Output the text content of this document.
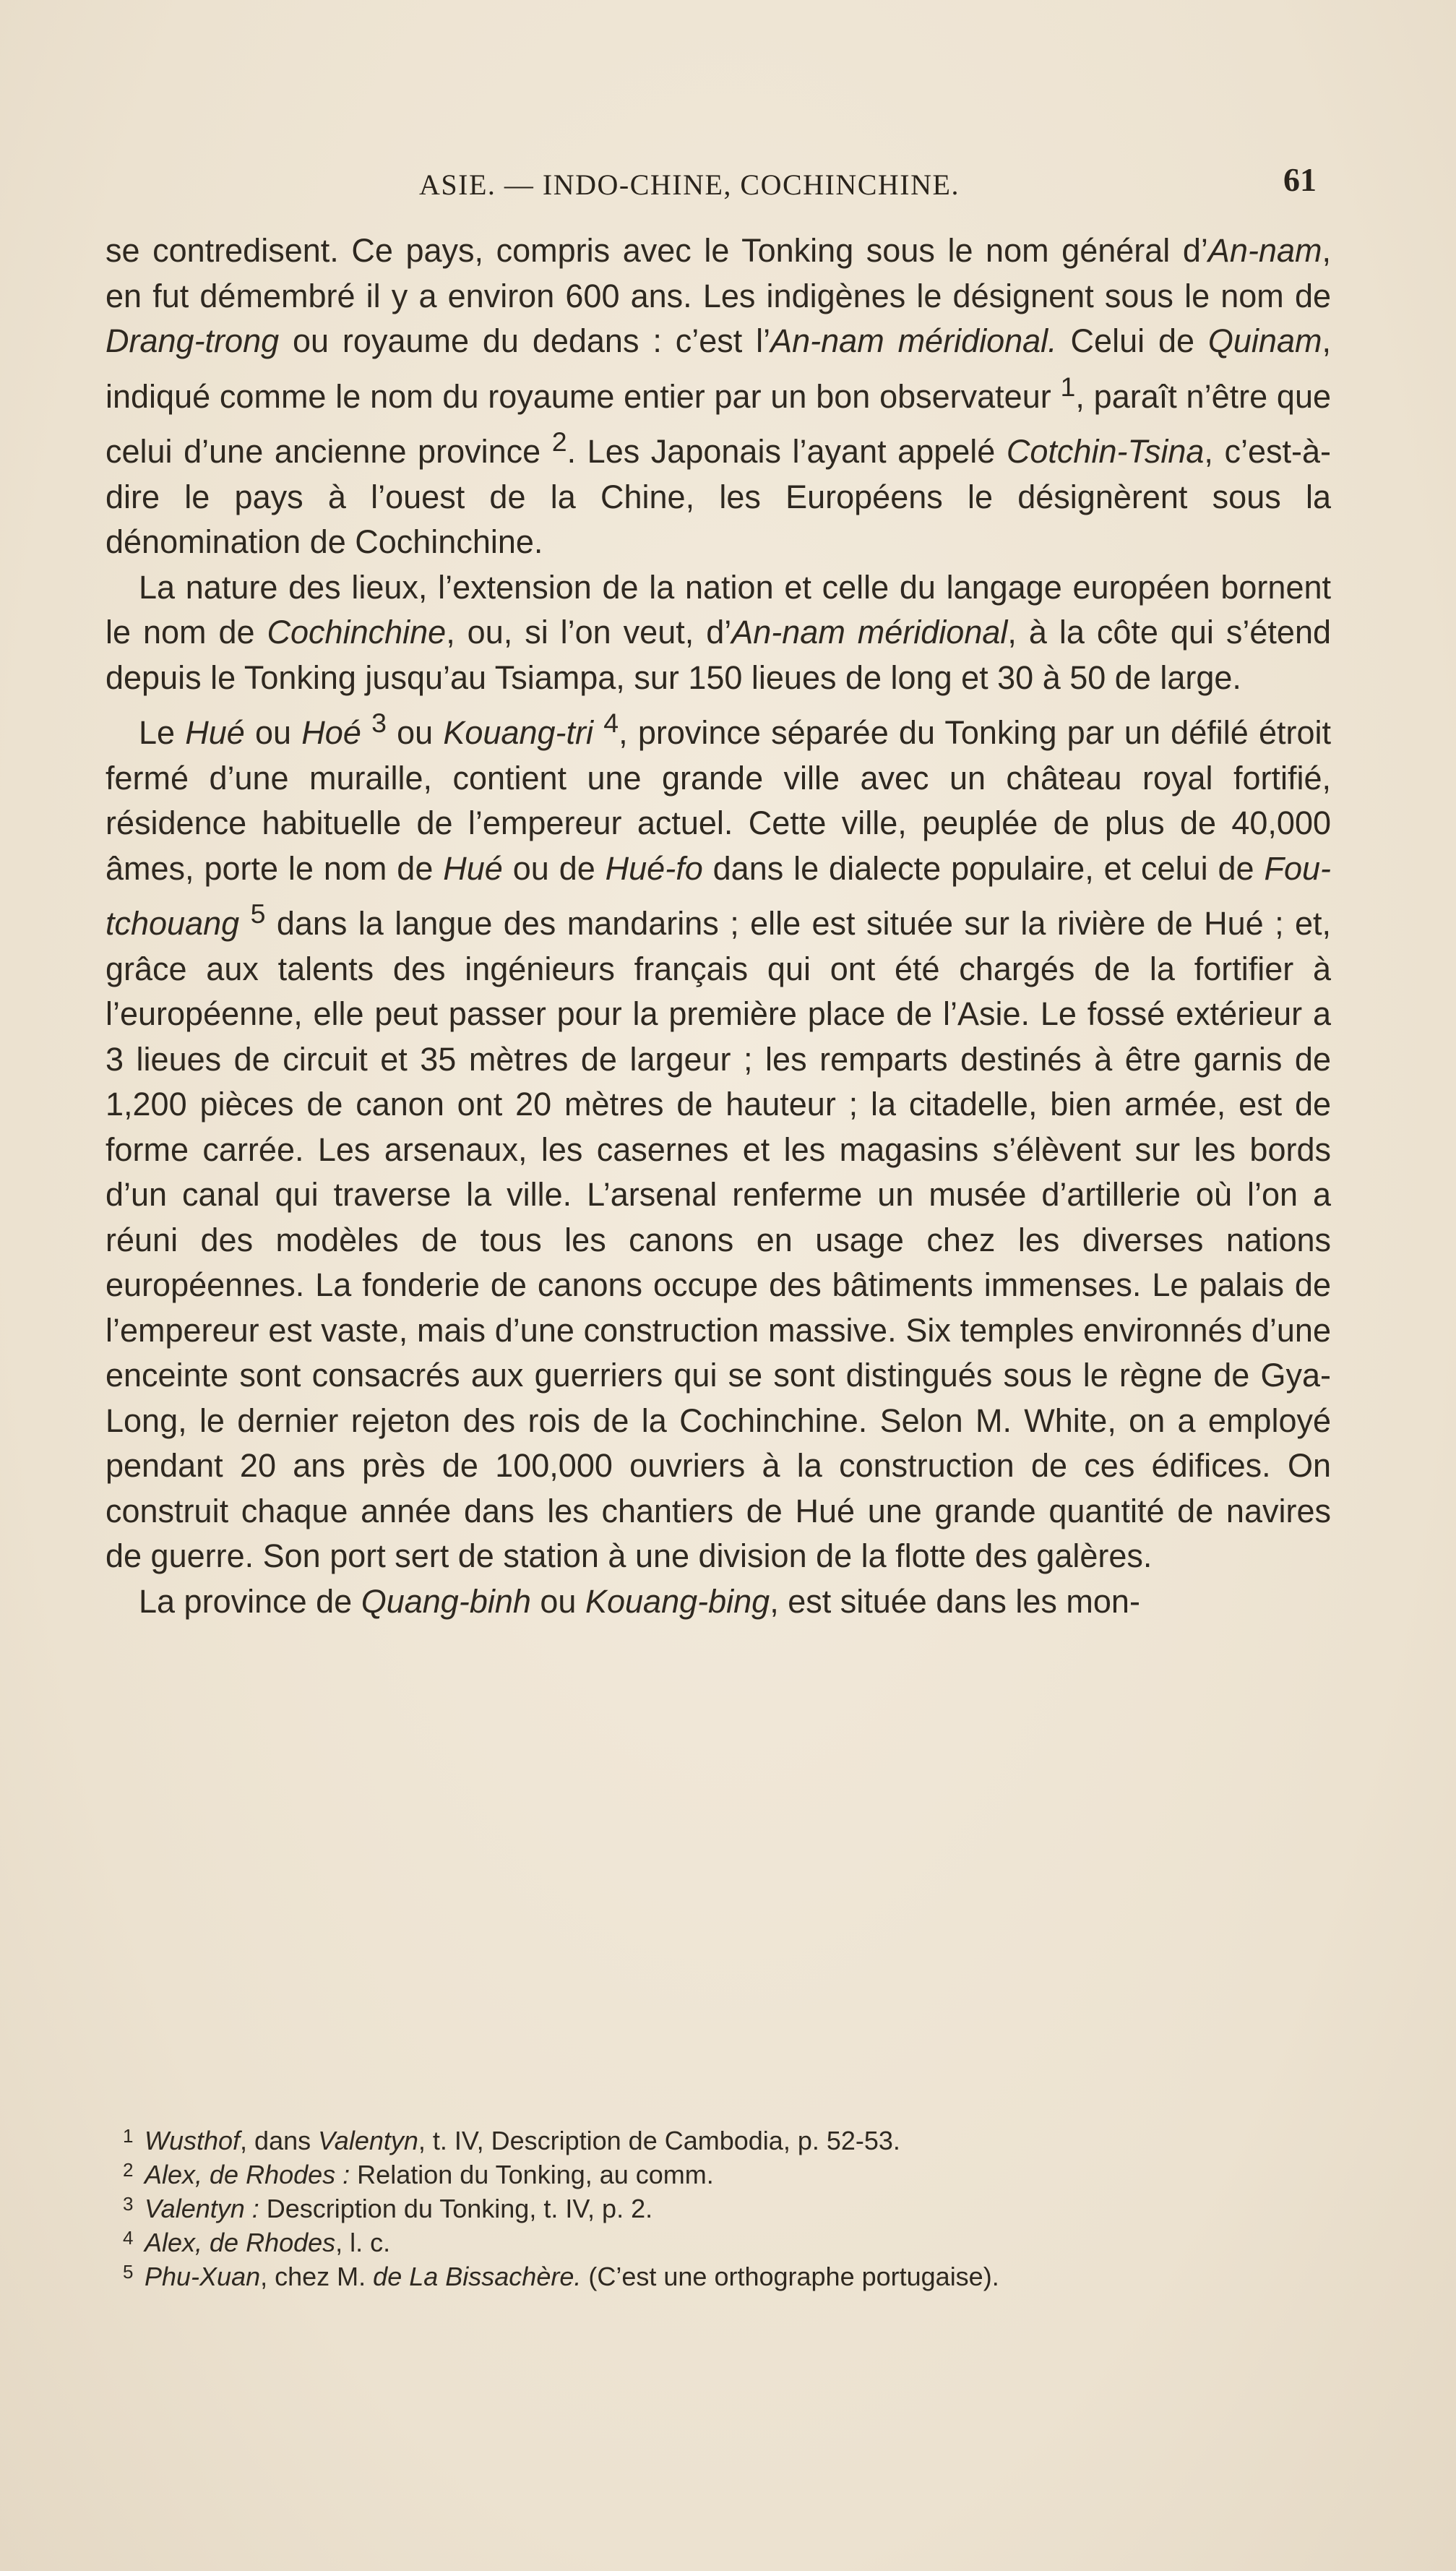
ASIE. — INDO-CHINE, COCHINCHINE.	61

se contredisent. Ce pays, compris avec le Tonking sous le nom général d’An-nam, en fut démembré il y a environ 600 ans. Les indigènes le désignent sous le nom de Drang-trong ou royaume du dedans : c’est l’An-nam méridional. Celui de Quinam, indiqué comme le nom du royaume entier par un bon observateur $^1$, paraît n’être que celui d’une ancienne province $^2$. Les Japonais l’ayant appelé Cotchin-Tsina, c’est-à-dire le pays à l’ouest de la Chine, les Européens le désignèrent sous la dénomination de Cochinchine.

La nature des lieux, l’extension de la nation et celle du langage européen bornent le nom de Cochinchine, ou, si l’on veut, d’An-nam méridional, à la côte qui s’étend depuis le Tonking jusqu’au Tsiampa, sur 150 lieues de long et 30 à 50 de large.

Le Hué ou Hoé $^3$ ou Kouang-tri $^4$, province séparée du Tonking par un défilé étroit fermé d’une muraille, contient une grande ville avec un château royal fortifié, résidence habituelle de l’empereur actuel. Cette ville, peuplée de plus de 40,000 âmes, porte le nom de Hué ou de Hué-fo dans le dialecte populaire, et celui de Fou-tchouang $^5$ dans la langue des mandarins ; elle est située sur la rivière de Hué ; et, grâce aux talents des ingénieurs français qui ont été chargés de la fortifier à l’européenne, elle peut passer pour la première place de l’Asie. Le fossé extérieur a 3 lieues de circuit et 35 mètres de largeur ; les remparts destinés à être garnis de 1,200 pièces de canon ont 20 mètres de hauteur ; la citadelle, bien armée, est de forme carrée. Les arsenaux, les casernes et les magasins s’élèvent sur les bords d’un canal qui traverse la ville. L’arsenal renferme un musée d’artillerie où l’on a réuni des modèles de tous les canons en usage chez les diverses nations européennes. La fonderie de canons occupe des bâtiments immenses. Le palais de l’empereur est vaste, mais d’une construction massive. Six temples environnés d’une enceinte sont consacrés aux guerriers qui se sont distingués sous le règne de Gya-Long, le dernier rejeton des rois de la Cochinchine. Selon M. White, on a employé pendant 20 ans près de 100,000 ouvriers à la construction de ces édifices. On construit chaque année dans les chantiers de Hué une grande quantité de navires de guerre. Son port sert de station à une division de la flotte des galères.

La province de Quang-binh ou Kouang-bing, est située dans les mon-

1 Wusthof, dans Valentyn, t. IV, Description de Cambodia, p. 52-53.
2 Alex, de Rhodes : Relation du Tonking, au comm.
3 Valentyn : Description du Tonking, t. IV, p. 2.
4 Alex, de Rhodes, l. c.
5 Phu-Xuan, chez M. de La Bissachère. (C’est une orthographe portugaise).
